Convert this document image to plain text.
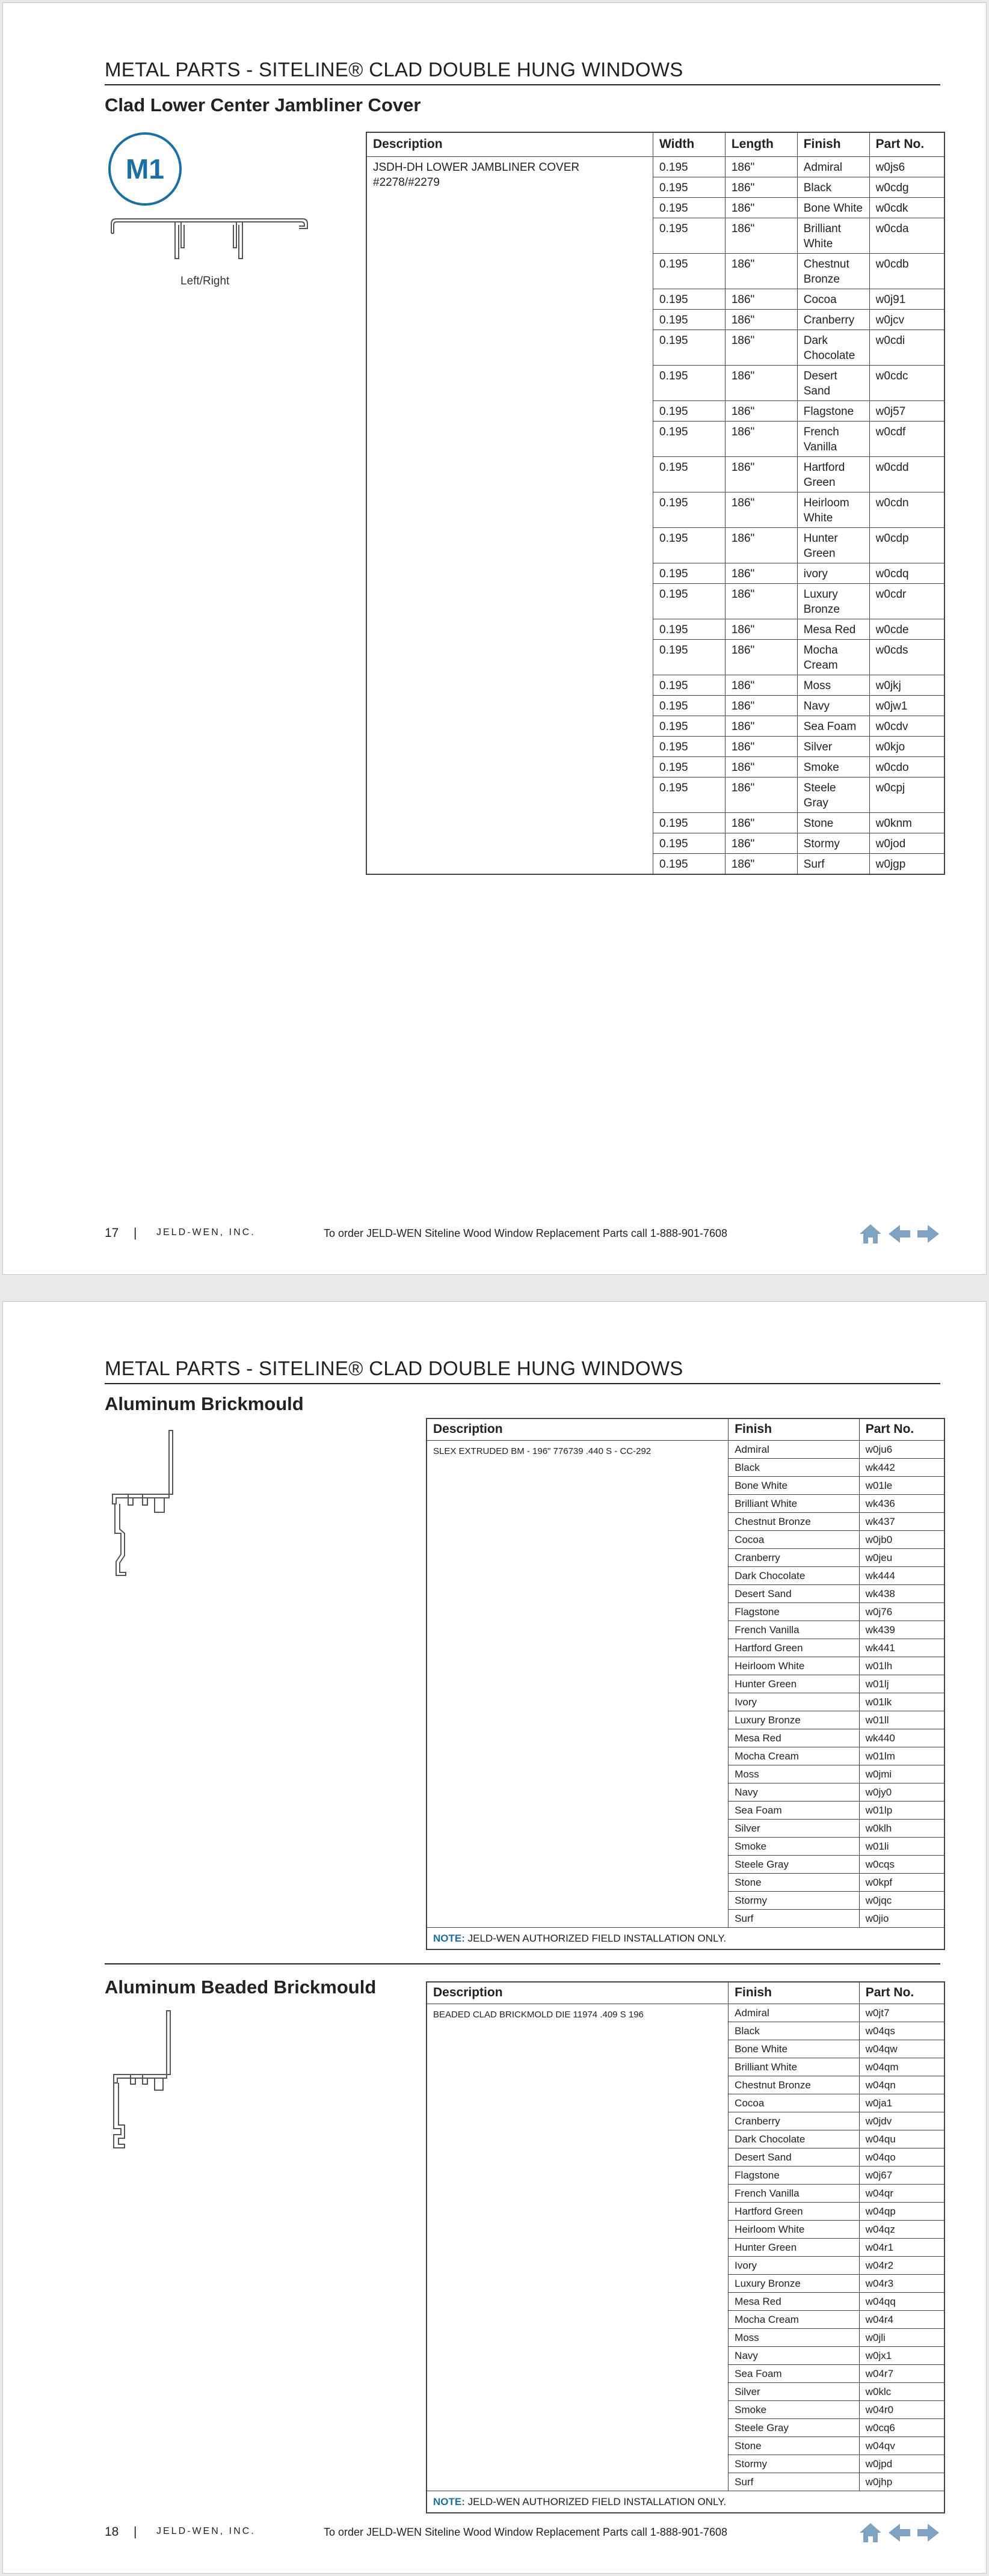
METAL PARTS - SITELINE® CLAD DOUBLE HUNG WINDOWS
Clad Lower Center Jambliner Cover
M1
Left/Right
Description	Width	Length	Finish	Part No.
JSDH-DH LOWER JAMBLINER COVER #2278/#2279	0.195	186"	Admiral	w0js6
	0.195	186"	Black	w0cdg
	0.195	186"	Bone White	w0cdk
	0.195	186"	Brilliant White	w0cda
	0.195	186"	Chestnut Bronze	w0cdb
	0.195	186"	Cocoa	w0j91
	0.195	186"	Cranberry	w0jcv
	0.195	186"	Dark Chocolate	w0cdi
	0.195	186"	Desert Sand	w0cdc
	0.195	186"	Flagstone	w0j57
	0.195	186"	French Vanilla	w0cdf
	0.195	186"	Hartford Green	w0cdd
	0.195	186"	Heirloom White	w0cdn
	0.195	186"	Hunter Green	w0cdp
	0.195	186"	ivory	w0cdq
	0.195	186"	Luxury Bronze	w0cdr
	0.195	186"	Mesa Red	w0cde
	0.195	186"	Mocha Cream	w0cds
	0.195	186"	Moss	w0jkj
	0.195	186"	Navy	w0jw1
	0.195	186"	Sea Foam	w0cdv
	0.195	186"	Silver	w0kjo
	0.195	186"	Smoke	w0cdo
	0.195	186"	Steele Gray	w0cpj
	0.195	186"	Stone	w0knm
	0.195	186"	Stormy	w0jod
	0.195	186"	Surf	w0jgp
17 | JELD-WEN, INC.	To order JELD-WEN Siteline Wood Window Replacement Parts call 1-888-901-7608
METAL PARTS - SITELINE® CLAD DOUBLE HUNG WINDOWS
Aluminum Brickmould
Description	Finish	Part No.
SLEX EXTRUDED BM - 196" 776739 .440 S - CC-292	Admiral	w0ju6
	Black	wk442
	Bone White	w01le
	Brilliant White	wk436
	Chestnut Bronze	wk437
	Cocoa	w0jb0
	Cranberry	w0jeu
	Dark Chocolate	wk444
	Desert Sand	wk438
	Flagstone	w0j76
	French Vanilla	wk439
	Hartford Green	wk441
	Heirloom White	w01lh
	Hunter Green	w01lj
	Ivory	w01lk
	Luxury Bronze	w01ll
	Mesa Red	wk440
	Mocha Cream	w01lm
	Moss	w0jmi
	Navy	w0jy0
	Sea Foam	w01lp
	Silver	w0klh
	Smoke	w01li
	Steele Gray	w0cqs
	Stone	w0kpf
	Stormy	w0jqc
	Surf	w0jio
NOTE: JELD-WEN AUTHORIZED FIELD INSTALLATION ONLY.		
Aluminum Beaded Brickmould	Description	Finish	Part No.
BEADED CLAD BRICKMOLD DIE 11974 .409 S 196	Admiral	w0jt7
	Black	w04qs
	Bone White	w04qw
	Brilliant White	w04qm
	Chestnut Bronze	w04qn
	Cocoa	w0ja1
	Cranberry	w0jdv
	Dark Chocolate	w04qu
	Desert Sand	w04qo
	Flagstone	w0j67
	French Vanilla	w04qr
	Hartford Green	w04qp
	Heirloom White	w04qz
	Hunter Green	w04r1
	Ivory	w04r2
	Luxury Bronze	w04r3
	Mesa Red	w04qq
	Mocha Cream	w04r4
	Moss	w0jli
	Navy	w0jx1
	Sea Foam	w04r7
	Silver	w0klc
	Smoke	w04r0
	Steele Gray	w0cq6
	Stone	w04qv
	Stormy	w0jpd
	Surf	w0jhp
NOTE: JELD-WEN AUTHORIZED FIELD INSTALLATION ONLY.		
18 | JELD-WEN, INC.	To order JELD-WEN Siteline Wood Window Replacement Parts call 1-888-901-7608
